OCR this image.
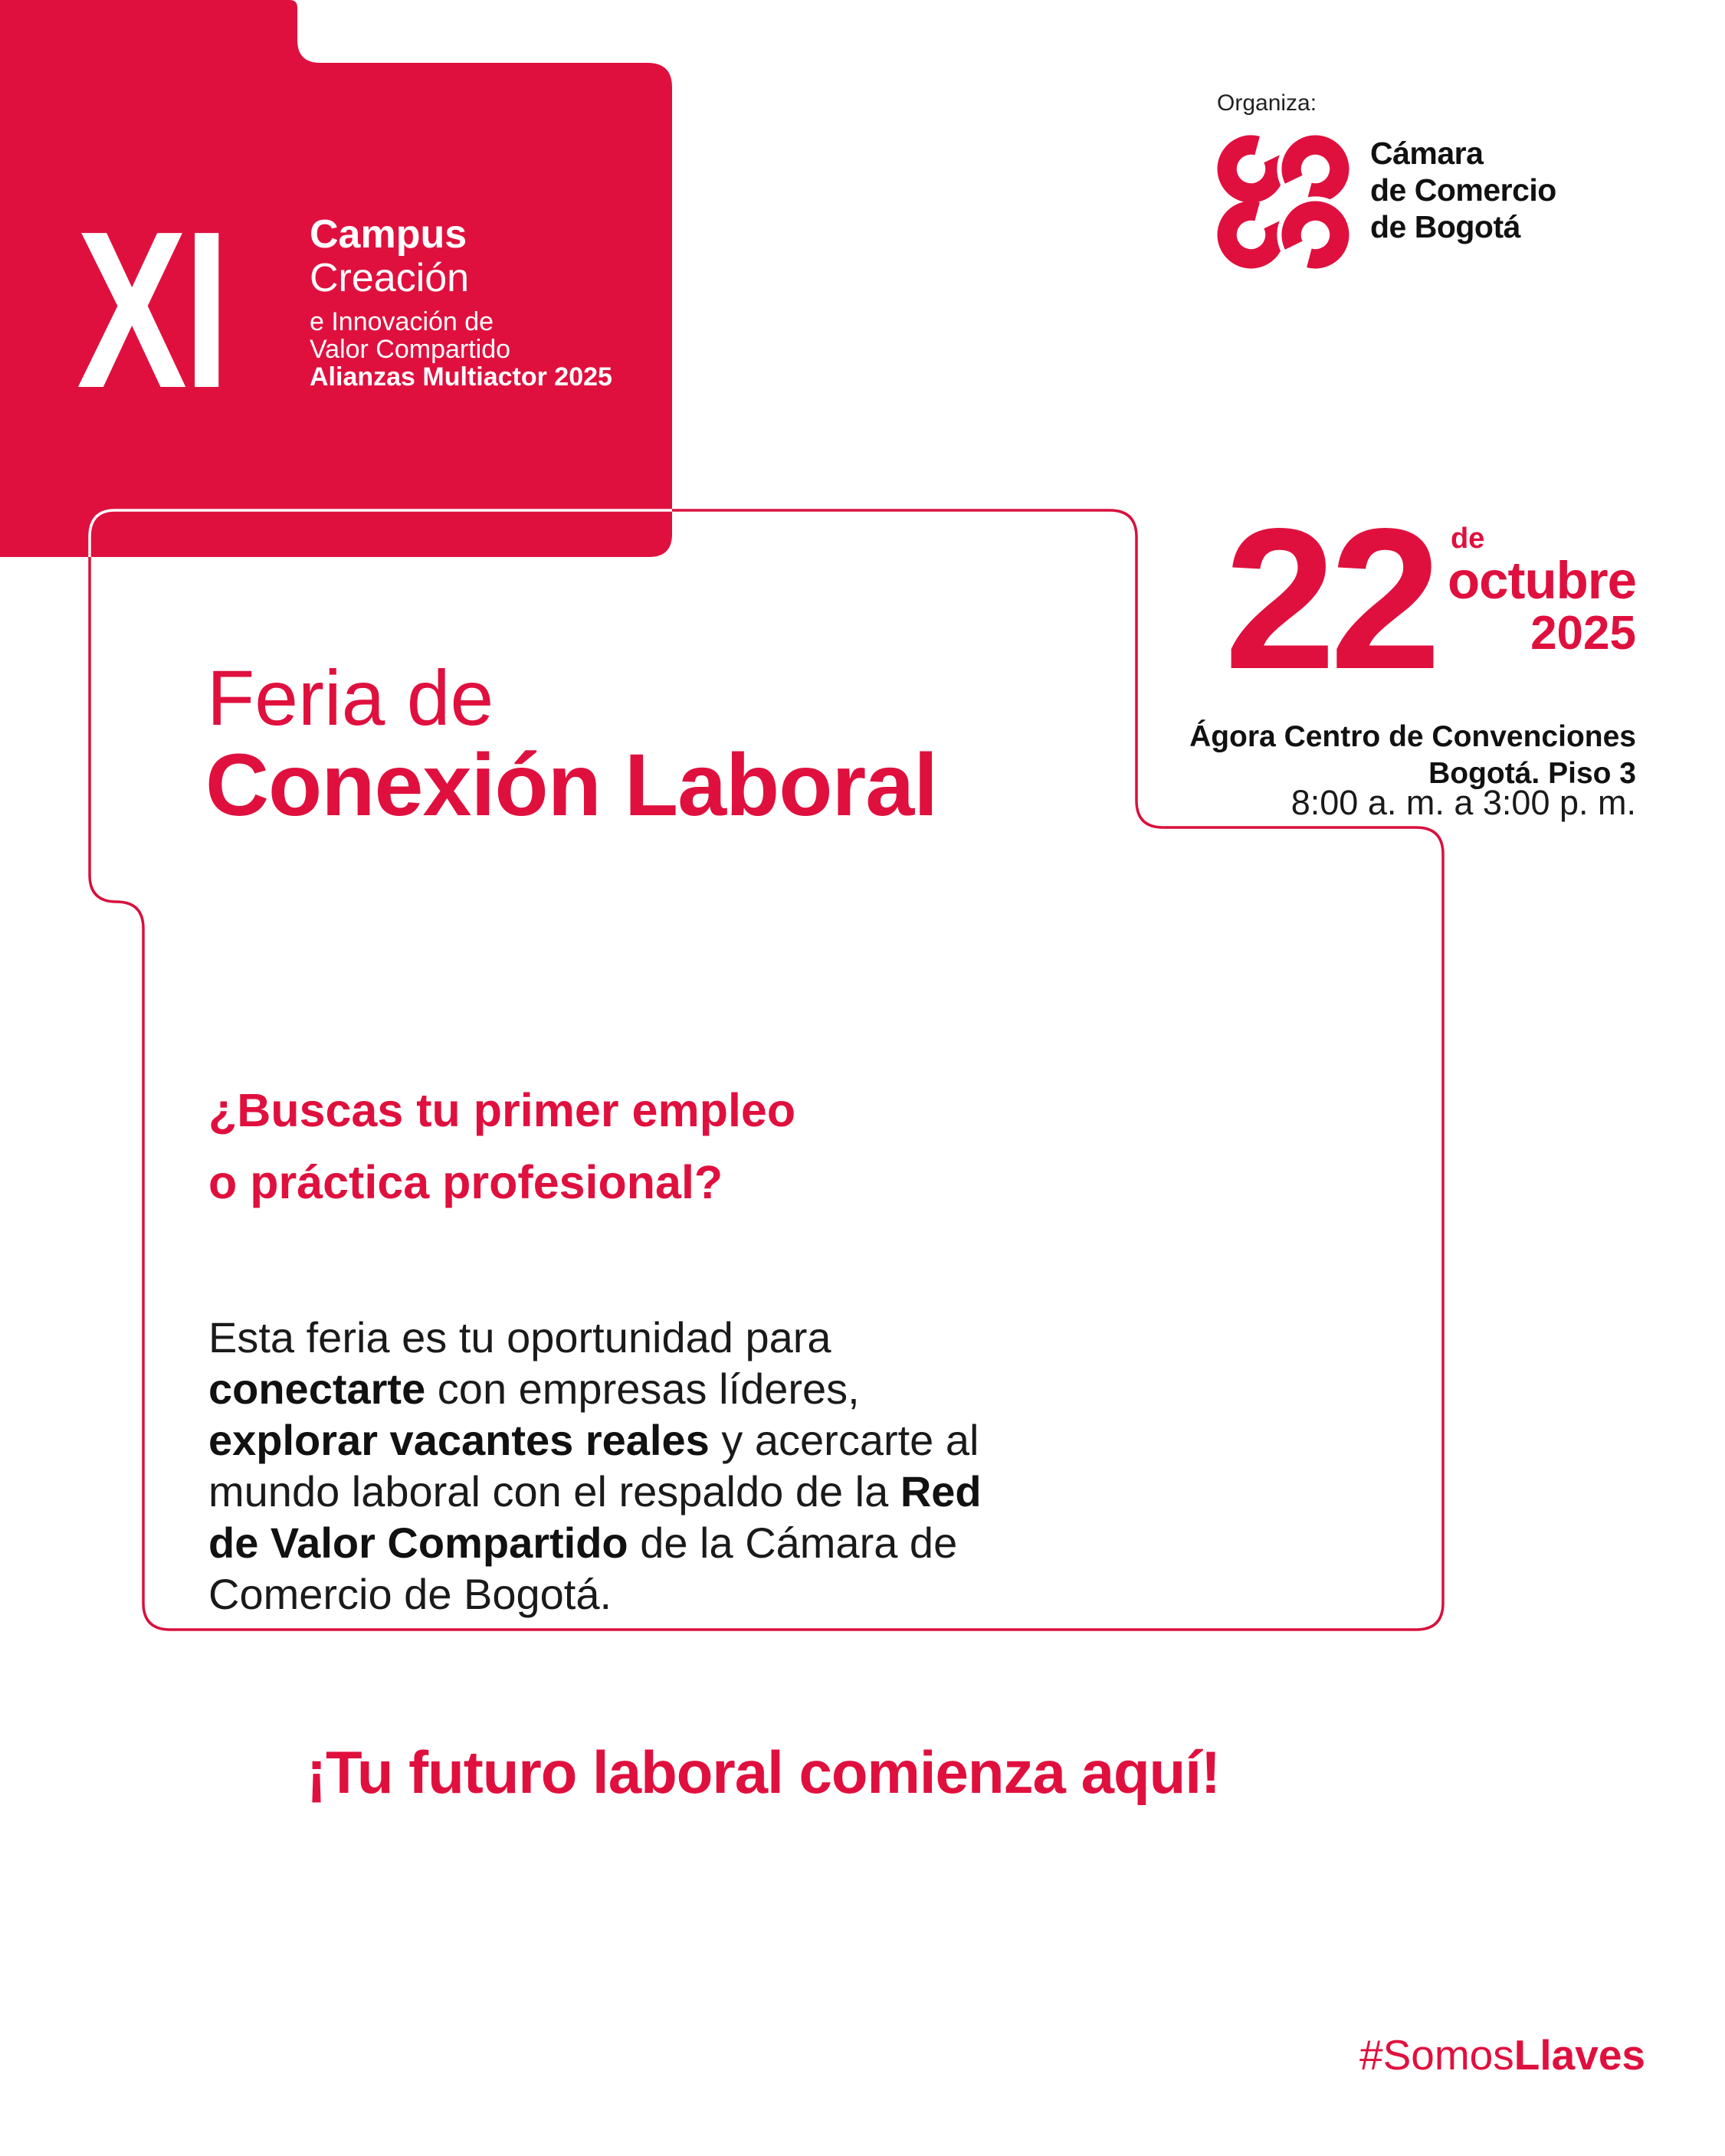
XI Campus
Creación
e Innovación de
Valor Compartido
Alianzas Multiactor 2025
Organiza:
Cámara
de Comercio
de Bogotá
Feria de
Conexión Laboral
22 de
octubre
2025
Ágora Centro de Convenciones
Bogotá. Piso 3
8:00 a. m. a 3:00 p. m.
¿Buscas tu primer empleo
o práctica profesional?
Esta feria es tu oportunidad para conectarte con empresas líderes, explorar vacantes reales y acercarte al mundo laboral con el respaldo de la Red de Valor Compartido de la Cámara de Comercio de Bogotá.
¡Tu futuro laboral comienza aquí!
#SomosLlaves
